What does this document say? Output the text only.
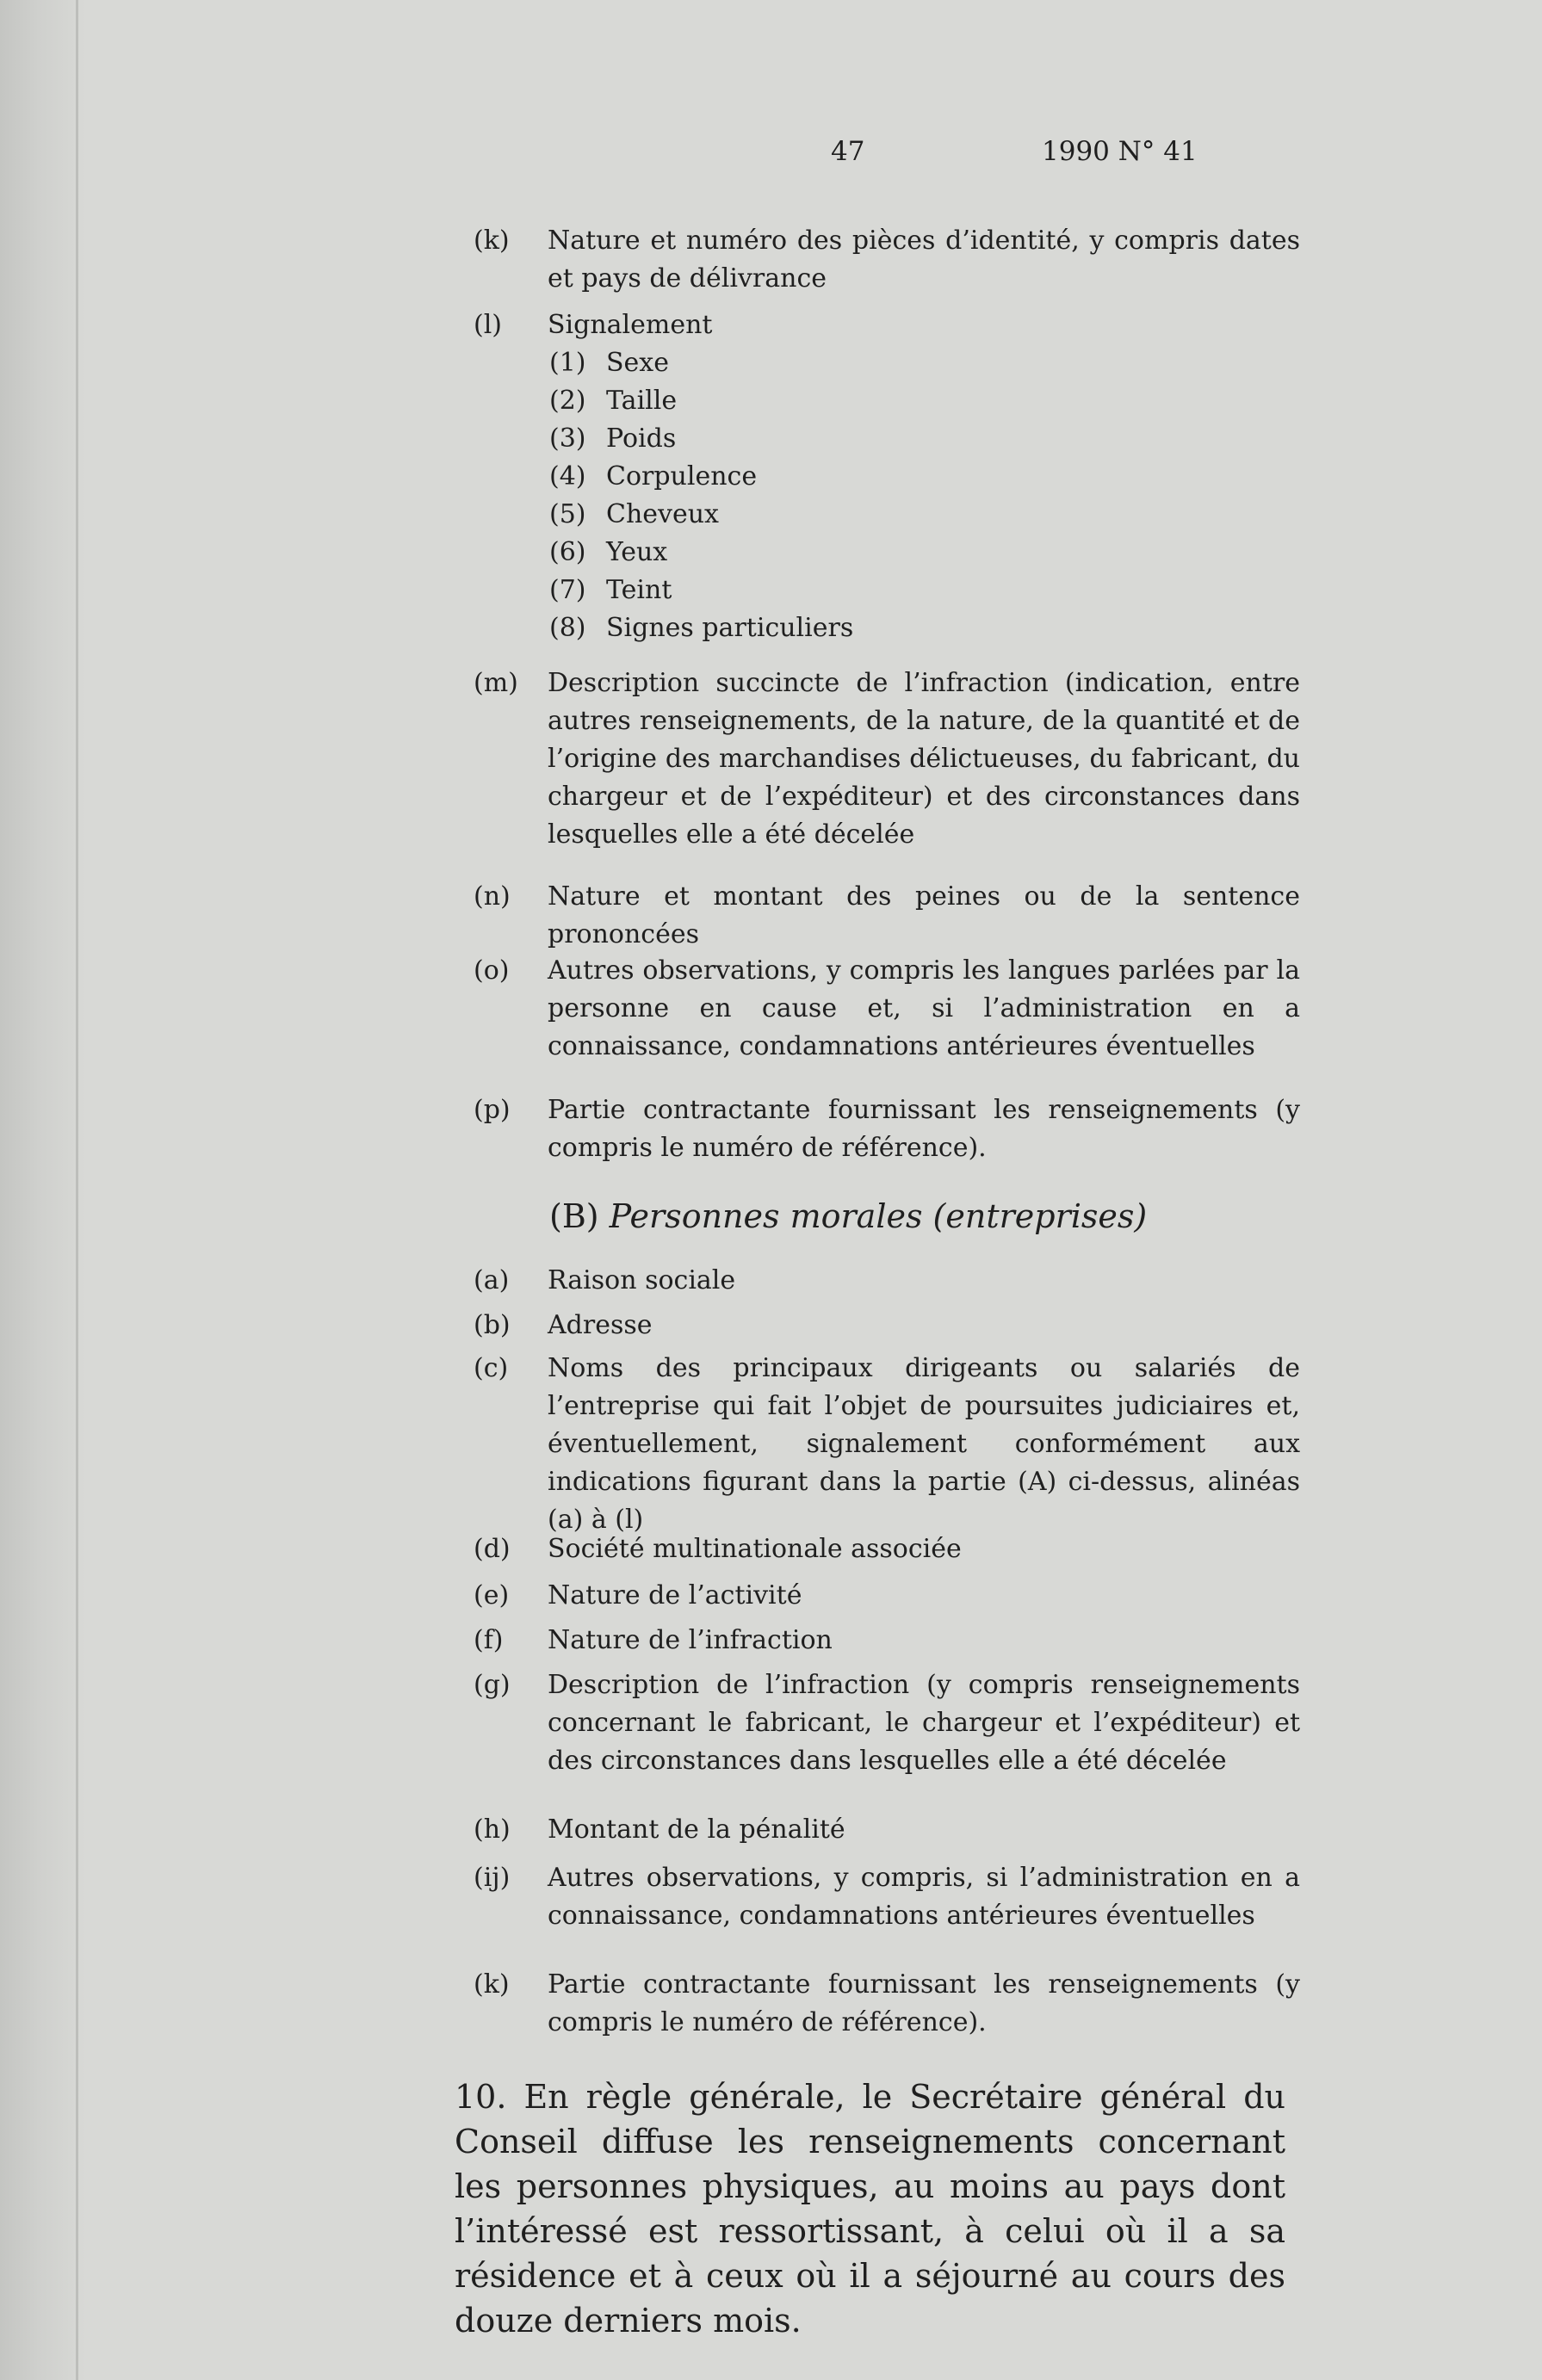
47	1990 N° 41
(k) Nature et numéro des pièces d’identité, y compris dates et pays de délivrance
(l) Signalement
(1) Sexe
(2) Taille
(3) Poids
(4) Corpulence
(5) Cheveux
(6) Yeux
(7) Teint
(8) Signes particuliers
(m) Description succincte de l’infraction (indication, entre autres renseignements, de la nature, de la quantité et de l’origine des marchandises délictueuses, du fabricant, du chargeur et de l’expéditeur) et des circonstances dans lesquelles elle a été décelée
(n) Nature et montant des peines ou de la sentence prononcées
(o) Autres observations, y compris les langues parlées par la personne en cause et, si l’administration en a connaissance, condamnations antérieures éventuelles
(p) Partie contractante fournissant les renseignements (y compris le numéro de référence).
(B) Personnes morales (entreprises)
(a) Raison sociale
(b) Adresse
(c) Noms des principaux dirigeants ou salariés de l’entreprise qui fait l’objet de poursuites judiciaires et, éventuellement, signalement conformément aux indications figurant dans la partie (A) ci-dessus, alinéas (a) à (l)
(d) Société multinationale associée
(e) Nature de l’activité
(f) Nature de l’infraction
(g) Description de l’infraction (y compris renseignements concernant le fabricant, le chargeur et l’expéditeur) et des circonstances dans lesquelles elle a été décelée
(h) Montant de la pénalité
(ij) Autres observations, y compris, si l’administration en a connaissance, condamnations antérieures éventuelles
(k) Partie contractante fournissant les renseignements (y compris le numéro de référence).
10. En règle générale, le Secrétaire général du Conseil diffuse les renseignements concernant les personnes physiques, au moins au pays dont l’intéressé est ressortissant, à celui où il a sa résidence et à ceux où il a séjourné au cours des douze derniers mois.
